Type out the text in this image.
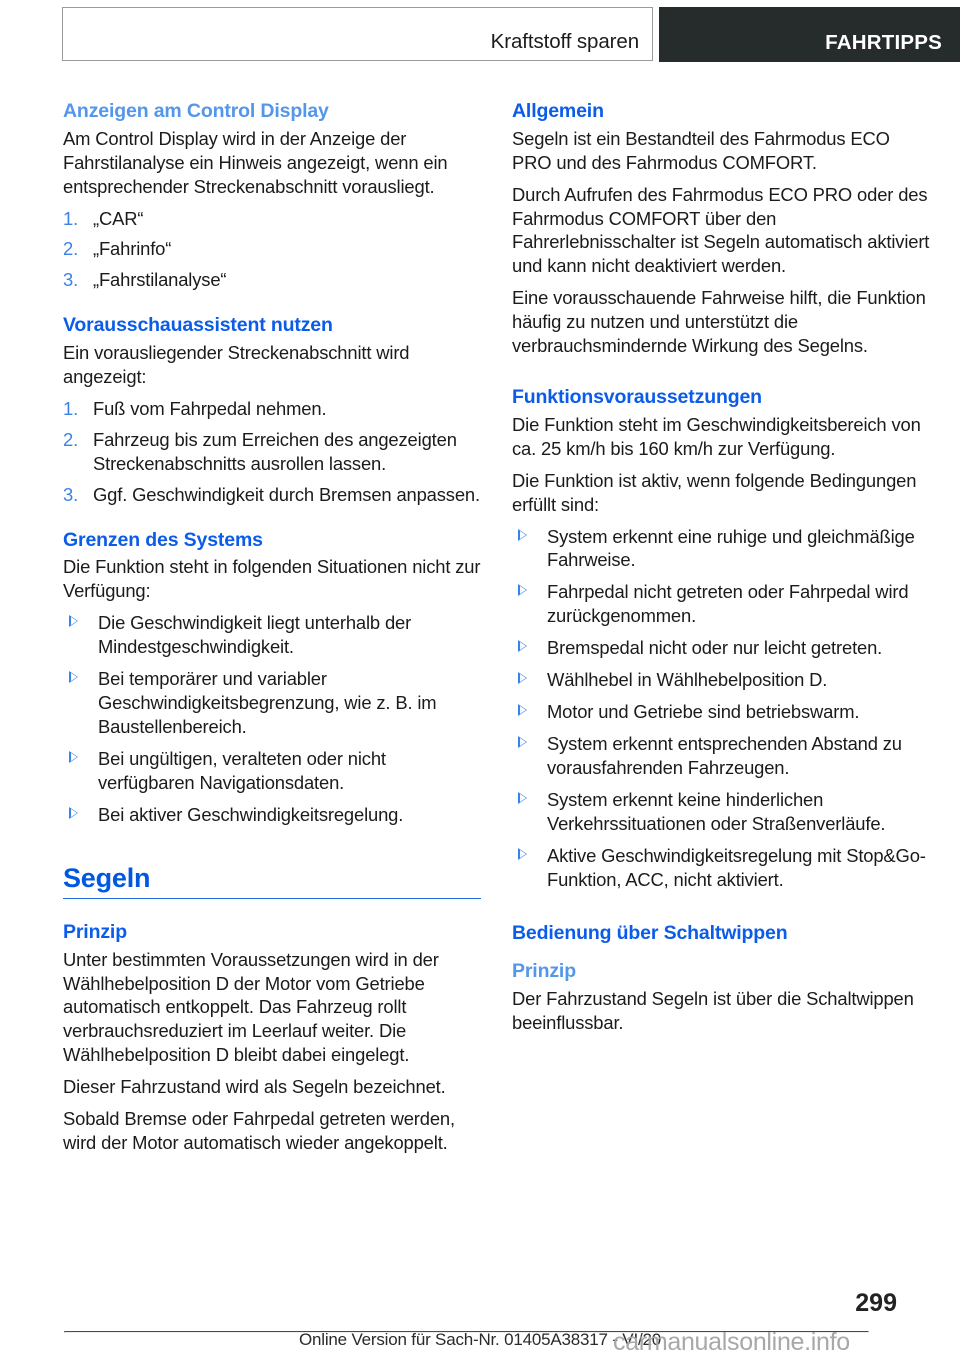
Kraftstoff sparen	FAHRTIPPS
Anzeigen am Control Display

Am Control Display wird in der Anzeige der Fahrstilanalyse ein Hinweis angezeigt, wenn ein entsprechender Streckenabschnitt vorausliegt.

1. „CAR“
2. „Fahrinfo“
3. „Fahrstilanalyse“
Vorausschauassistent nutzen

Ein vorausliegender Streckenabschnitt wird angezeigt:

1. Fuß vom Fahrpedal nehmen.
2. Fahrzeug bis zum Erreichen des angezeigten Streckenabschnitts ausrollen lassen.
3. Ggf. Geschwindigkeit durch Bremsen anpassen.
Grenzen des Systems

Die Funktion steht in folgenden Situationen nicht zur Verfügung:

Die Geschwindigkeit liegt unterhalb der Mindestgeschwindigkeit.
Bei temporärer und variabler Geschwindigkeitsbegrenzung, wie z. B. im Baustellenbereich.
Bei ungültigen, veralteten oder nicht verfügbaren Navigationsdaten.
Bei aktiver Geschwindigkeitsregelung.
Segeln
Prinzip

Unter bestimmten Voraussetzungen wird in der Wählhebelposition D der Motor vom Getriebe automatisch entkoppelt. Das Fahrzeug rollt verbrauchsreduziert im Leerlauf weiter. Die Wählhebelposition D bleibt dabei eingelegt.

Dieser Fahrzustand wird als Segeln bezeichnet.

Sobald Bremse oder Fahrpedal getreten werden, wird der Motor automatisch wieder angekoppelt.

Allgemein

Segeln ist ein Bestandteil des Fahrmodus ECO PRO und des Fahrmodus COMFORT.

Durch Aufrufen des Fahrmodus ECO PRO oder des Fahrmodus COMFORT über den Fahrerlebnisschalter ist Segeln automatisch aktiviert und kann nicht deaktiviert werden.

Eine vorausschauende Fahrweise hilft, die Funktion häufig zu nutzen und unterstützt die verbrauchsmindernde Wirkung des Segelns.

Funktionsvoraussetzungen

Die Funktion steht im Geschwindigkeitsbereich von ca. 25 km/h bis 160 km/h zur Verfügung.

Die Funktion ist aktiv, wenn folgende Bedingungen erfüllt sind:

System erkennt eine ruhige und gleichmäßige Fahrweise.
Fahrpedal nicht getreten oder Fahrpedal wird zurückgenommen.
Bremspedal nicht oder nur leicht getreten.
Wählhebel in Wählhebelposition D.
Motor und Getriebe sind betriebswarm.
System erkennt entsprechenden Abstand zu vorausfahrenden Fahrzeugen.
System erkennt keine hinderlichen Verkehrssituationen oder Straßenverläufe.
Aktive Geschwindigkeitsregelung mit Stop&Go-Funktion, ACC, nicht aktiviert.
Bedienung über Schaltwippen
Prinzip

Der Fahrzustand Segeln ist über die Schaltwippen beeinflussbar.

299
Online Version für Sach-Nr. 01405A38317 - VI/20
carmanualsonline.info
